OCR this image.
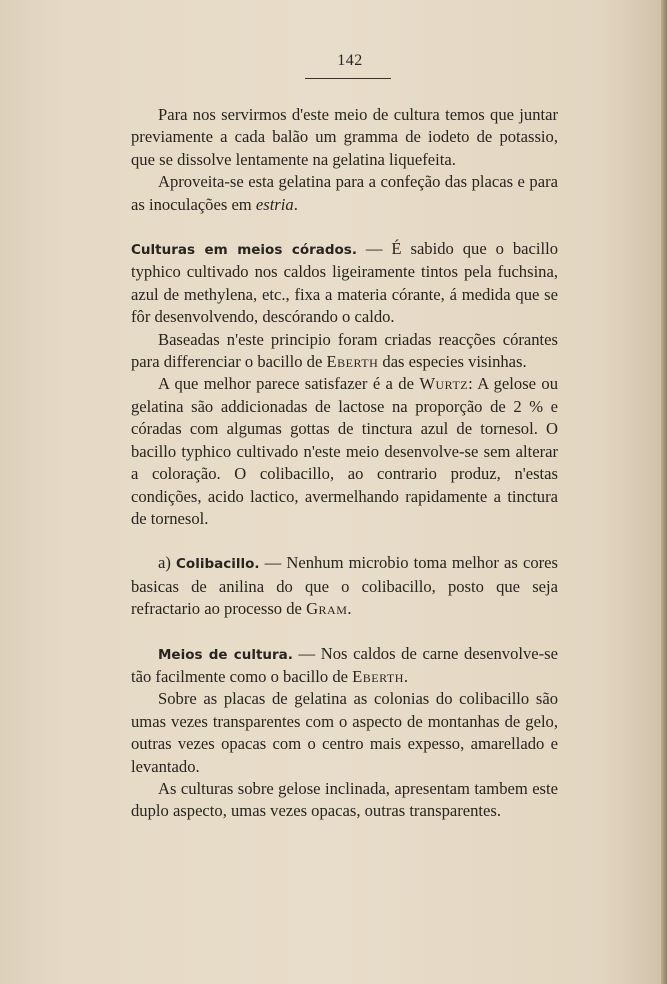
142

Para nos servirmos d'este meio de cultura temos que juntar previamente a cada balão um gramma de iodeto de potassio, que se dissolve lentamente na gelatina liquefeita.

Aproveita-se esta gelatina para a confeção das placas e para as inoculações em estria.

Culturas em meios córados. — É sabido que o bacillo typhico cultivado nos caldos ligeiramente tintos pela fuchsina, azul de methylena, etc., fixa a materia córante, á medida que se fôr desenvolvendo, descórando o caldo.

Baseadas n'este principio foram criadas reacções córantes para differenciar o bacillo de Eberth das especies visinhas.

A que melhor parece satisfazer é a de Wurtz: A gelose ou gelatina são addicionadas de lactose na proporção de 2 % e córadas com algumas gottas de tinctura azul de tornesol. O bacillo typhico cultivado n'este meio desenvolve-se sem alterar a coloração. O colibacillo, ao contrario produz, n'estas condições, acido lactico, avermelhando rapidamente a tinctura de tornesol.

a) Colibacillo. — Nenhum microbio toma melhor as cores basicas de anilina do que o colibacillo, posto que seja refractario ao processo de Gram.

Meios de cultura. — Nos caldos de carne desenvolve-se tão facilmente como o bacillo de Eberth.

Sobre as placas de gelatina as colonias do colibacillo são umas vezes transparentes com o aspecto de montanhas de gelo, outras vezes opacas com o centro mais expesso, amarellado e levantado.

As culturas sobre gelose inclinada, apresentam tambem este duplo aspecto, umas vezes opacas, outras transparentes.
